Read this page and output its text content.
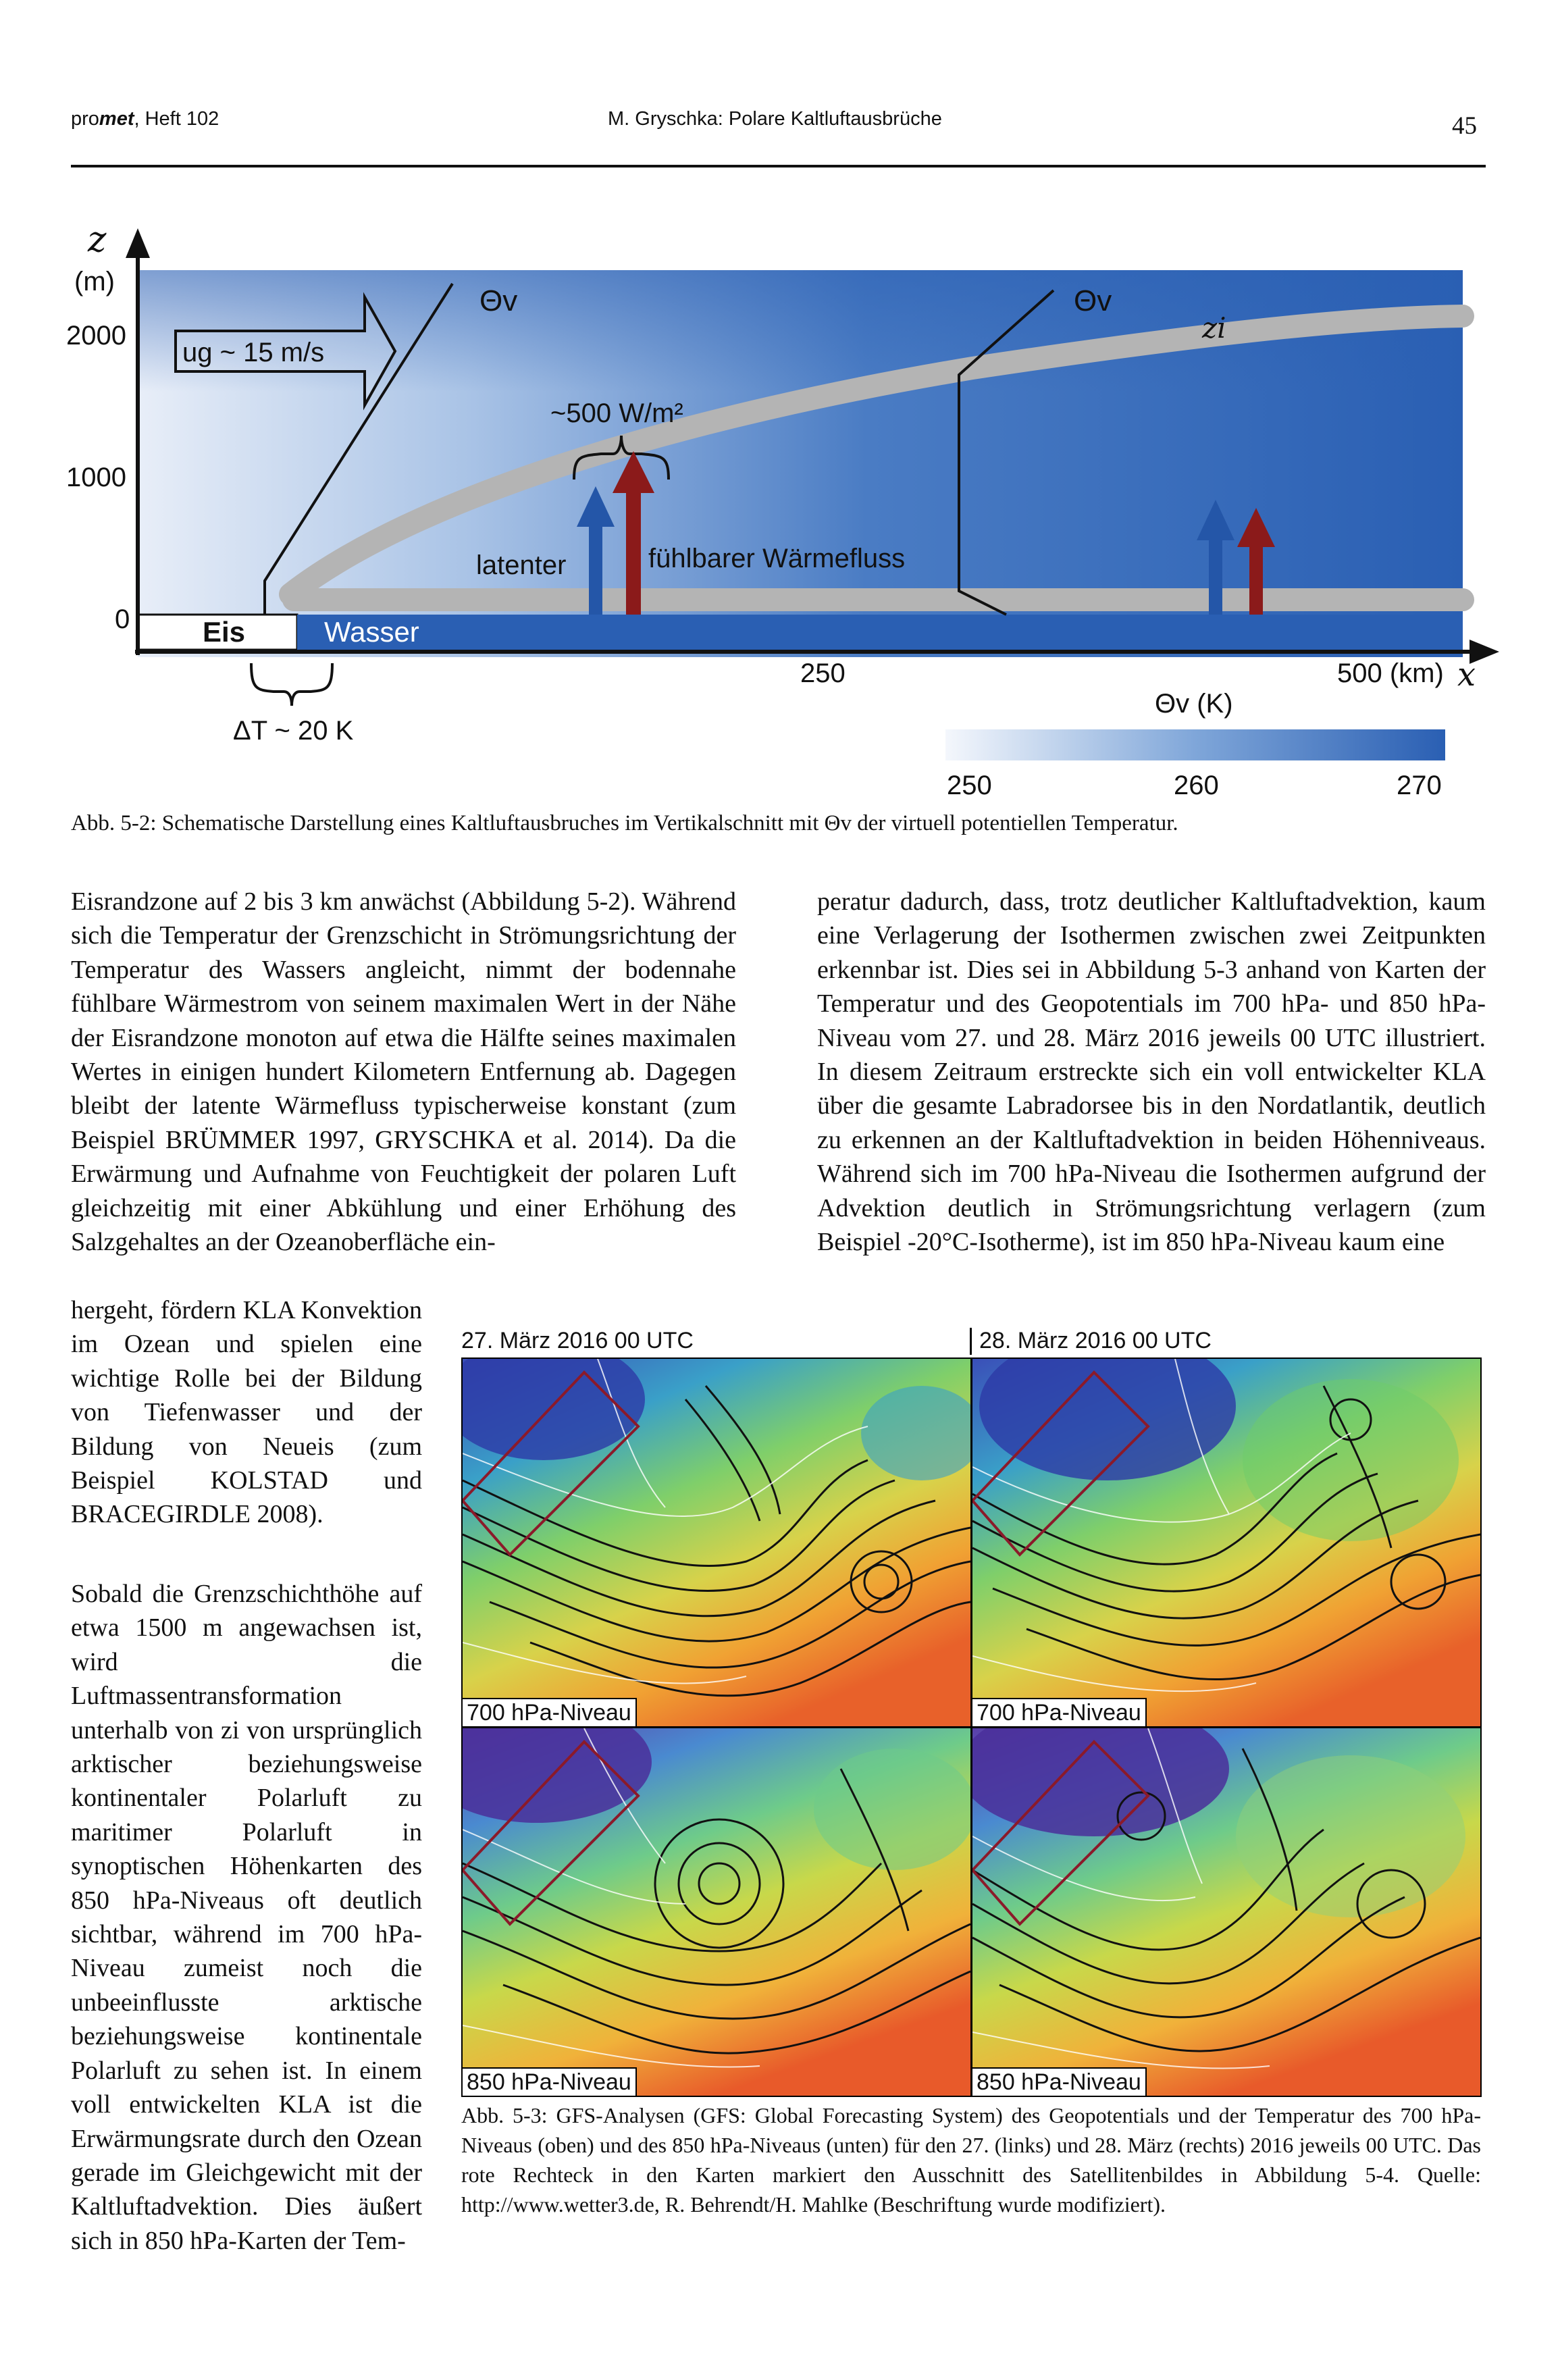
promet, Heft 102	M. Gryschka: Polare Kaltluftausbrüche	45
Eis	Wasser
z
(m)
2000
1000
0
ug ~ 15 m/s
Θv	Θv
zi
~500 W/m²
latenter	fühlbarer Wärmefluss
250	500 (km) x
ΔT ~ 20 K
Θv (K)
250	260	270
Abb. 5-2: Schematische Darstellung eines Kaltluftausbruches im Vertikalschnitt mit Θv der virtuell potentiellen Temperatur.

Eisrandzone auf 2 bis 3 km anwächst (Abbildung 5-2). Während sich die Temperatur der Grenzschicht in Strömungsrichtung der Temperatur des Wassers angleicht, nimmt der bodennahe fühlbare Wärmestrom von seinem maximalen Wert in der Nähe der Eisrandzone monoton auf etwa die Hälfte seines maximalen Wertes in einigen hundert Kilometern Entfernung ab. Dagegen bleibt der latente Wärmefluss typischerweise konstant (zum Beispiel BRÜMMER 1997, GRYSCHKA et al. 2014). Da die Erwärmung und Aufnahme von Feuchtigkeit der polaren Luft gleichzeitig mit einer Abkühlung und einer Erhöhung des Salzgehaltes an der Ozeanoberfläche ein-

peratur dadurch, dass, trotz deutlicher Kaltluftadvektion, kaum eine Verlagerung der Isothermen zwischen zwei Zeitpunkten erkennbar ist. Dies sei in Abbildung 5-3 anhand von Karten der Temperatur und des Geopotentials im 700 hPa- und 850 hPa-Niveau vom 27. und 28. März 2016 jeweils 00 UTC illustriert. In diesem Zeitraum erstreckte sich ein voll entwickelter KLA über die gesamte Labradorsee bis in den Nordatlantik, deutlich zu erkennen an der Kaltluftadvektion in beiden Höhenniveaus. Während sich im 700 hPa-Niveau die Isothermen aufgrund der Advektion deutlich in Strömungsrichtung verlagern (zum Beispiel -20°C-Isotherme), ist im 850 hPa-Niveau kaum eine

Sobald die Grenzschichthöhe auf etwa 1500 m angewachsen ist, wird die Luftmassentransformation unterhalb von zi von ursprünglich arktischer beziehungsweise kontinentaler Polarluft zu maritimer Polarluft in synoptischen Höhenkarten des 850 hPa-Niveaus oft deutlich sichtbar, während im 700 hPa-Niveau zumeist noch die unbeeinflusste arktische beziehungsweise kontinentale Polarluft zu sehen ist. In einem voll entwickelten KLA ist die Erwärmungsrate durch den Ozean gerade im Gleichgewicht mit der Kaltluftadvektion. Dies äußert sich in 850 hPa-Karten der Tem-

27. März 2016 00 UTC	28. März 2016 00 UTC
700 hPa-Niveau	700 hPa-Niveau
850 hPa-Niveau	850 hPa-Niveau
Abb. 5-3: GFS-Analysen (GFS: Global Forecasting System) des Geopotentials und der Temperatur des 700 hPa-Niveaus (oben) und des 850 hPa-Niveaus (unten) für den 27. (links) und 28. März (rechts) 2016 jeweils 00 UTC. Das rote Rechteck in den Karten markiert den Ausschnitt des Satellitenbildes in Abbildung 5-4. Quelle: http://www.wetter3.de, R. Behrendt/H. Mahlke (Beschriftung wurde modifiziert).
hergeht, fördern KLA Konvektion im Ozean und spielen eine wichtige Rolle bei der Bildung von Tiefenwasser und der Bildung von Neueis (zum Beispiel KOLSTAD und BRACEGIRDLE 2008).
